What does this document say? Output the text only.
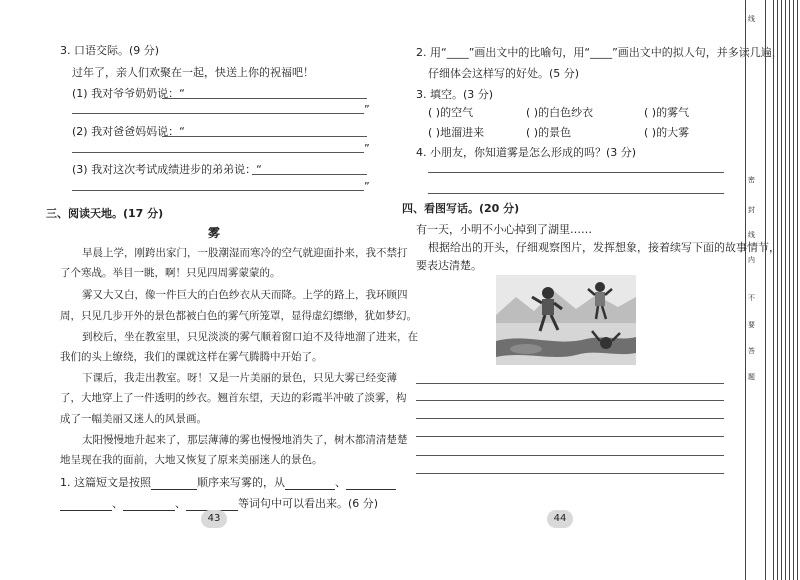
3. 口语交际。(9 分)
过年了，亲人们欢聚在一起，快送上你的祝福吧！
(1) 我对爷爷奶奶说：“
”
(2) 我对爸爸妈妈说：“
”
(3) 我对这次考试成绩进步的弟弟说：“
”
三、阅读天地。(17 分)
雾
早晨上学，刚跨出家门，一股潮湿而寒冷的空气就迎面扑来，我不禁打
了个寒战。举目一眺，啊！只见四周雾蒙蒙的。
雾又大又白，像一件巨大的白色纱衣从天而降。上学的路上，我环顾四
周，只见几步开外的景色都被白色的雾气所笼罩，显得虚幻缥缈，犹如梦幻。
到校后，坐在教室里，只见淡淡的雾气顺着窗口迫不及待地溜了进来，在
我们的头上缭绕，我们的课就这样在雾气腾腾中开始了。
下课后，我走出教室。呀！又是一片美丽的景色，只见大雾已经变薄
了，大地穿上了一件透明的纱衣。翘首东望，天边的彩霞半冲破了淡雾，构
成了一幅美丽又迷人的风景画。
太阳慢慢地升起来了，那层薄薄的雾也慢慢地消失了，树木都清清楚楚
地呈现在我的面前，大地又恢复了原来美丽迷人的景色。
1. 这篇短文是按照	顺序来写雾的，从	、
、	、	等词句中可以看出来。(6 分)
43
2. 用“____”画出文中的比喻句，用“____”画出文中的拟人句，并多读几遍，
仔细体会这样写的好处。(5 分)
3. 填空。(3 分)
( )的空气	( )的白色纱衣	( )的雾气
( )地溜进来	( )的景色	( )的大雾
4. 小朋友，你知道雾是怎么形成的吗？(3 分)
四、看图写话。(20 分)
有一天，小明不小心掉到了湖里……
根据给出的开头，仔细观察图片，发挥想象，接着续写下面的故事情节，
要表达清楚。
44
线
密
封
线
内
不
要
答
题
